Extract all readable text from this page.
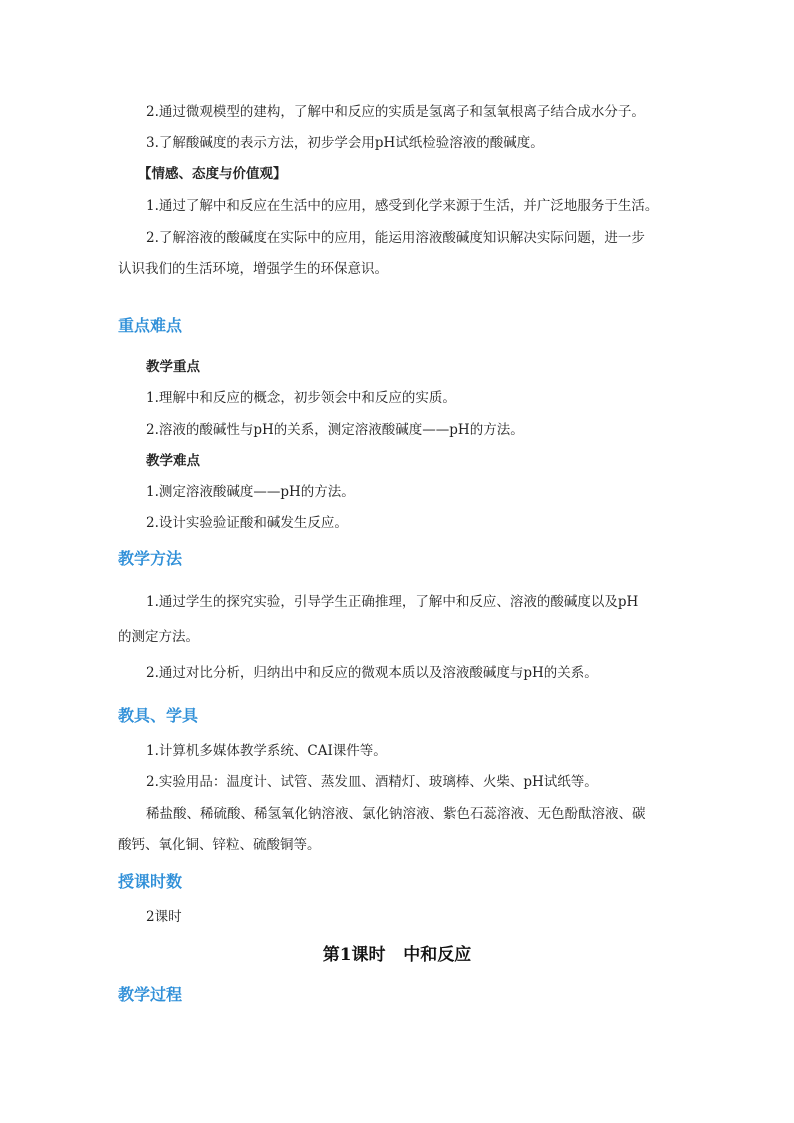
2.通过微观模型的建构，了解中和反应的实质是氢离子和氢氧根离子结合成水分子。
3.了解酸碱度的表示方法，初步学会用pH试纸检验溶液的酸碱度。
【情感、态度与价值观】
1.通过了解中和反应在生活中的应用，感受到化学来源于生活，并广泛地服务于生活。
2.了解溶液的酸碱度在实际中的应用，能运用溶液酸碱度知识解决实际问题，进一步
认识我们的生活环境，增强学生的环保意识。
重点难点
教学重点
1.理解中和反应的概念，初步领会中和反应的实质。
2.溶液的酸碱性与pH的关系，测定溶液酸碱度——pH的方法。
教学难点
1.测定溶液酸碱度——pH的方法。
2.设计实验验证酸和碱发生反应。
教学方法
1.通过学生的探究实验，引导学生正确推理，了解中和反应、溶液的酸碱度以及pH
的测定方法。
2.通过对比分析，归纳出中和反应的微观本质以及溶液酸碱度与pH的关系。
教具、学具
1.计算机多媒体教学系统、CAI课件等。
2.实验用品：温度计、试管、蒸发皿、酒精灯、玻璃棒、火柴、pH试纸等。
稀盐酸、稀硫酸、稀氢氧化钠溶液、氯化钠溶液、紫色石蕊溶液、无色酚酞溶液、碳
酸钙、氧化铜、锌粒、硫酸铜等。
授课时数
2课时
第1课时   中和反应
教学过程
